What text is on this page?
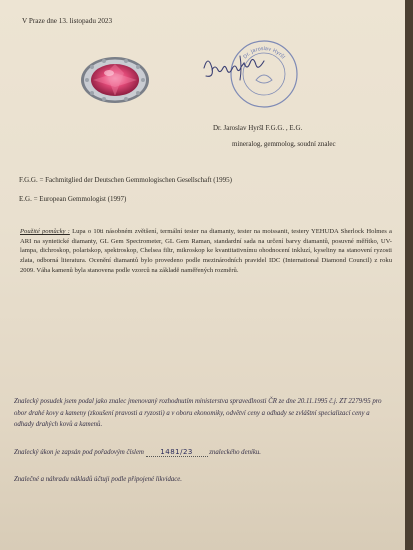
V Praze dne 13. listopadu 2023
Dr. Jaroslav Hyršl
Dr. Jaroslav Hyršl F.G.G. , E.G.
mineralog, gemmolog, soudní znalec
F.G.G. = Fachmitglied der Deutschen Gemmologischen Gesellschaft (1995)
E.G. = European Gemmologist (1997)
Použité pomůcky : Lupa o 10ti násobném zvětšení, termální tester na diamanty, tester na moissanit, testery YEHUDA Sherlock Holmes a ARI na syntetické diamanty, GL Gem Spectrometer, GL Gem Raman, standardní sada na určení barvy diamantů, posuvné měřítko, UV-lampa, dichroskop, polariskop, spektroskop, Chelsea filtr, mikroskop ke kvantitativnímu ohodnocení inkluzí, kyseliny na stanovení ryzosti zlata, odborná literatura. Ocenění diamantů bylo provedeno podle mezinárodních pravidel IDC (International Diamond Council) z roku 2009. Váha kamenů byla stanovena podle vzorců na základě naměřených rozměrů.
Znalecký posudek jsem podal jako znalec jmenovaný rozhodnutím ministerstva spravedlnosti ČR ze dne 20.11.1995 č.j. ZT 2279/95 pro obor drahé kovy a kameny (zkoušení pravosti a ryzosti) a v oboru ekonomiky, odvětví ceny a odhady se zvláštní specializací ceny a odhady drahých kovů a kamenů.
Znalecký úkon je zapsán pod pořadovým číslem 1481/23 znaleckého deníku.
Znalečné a náhradu nákladů účtuji podle připojené likvidace.
